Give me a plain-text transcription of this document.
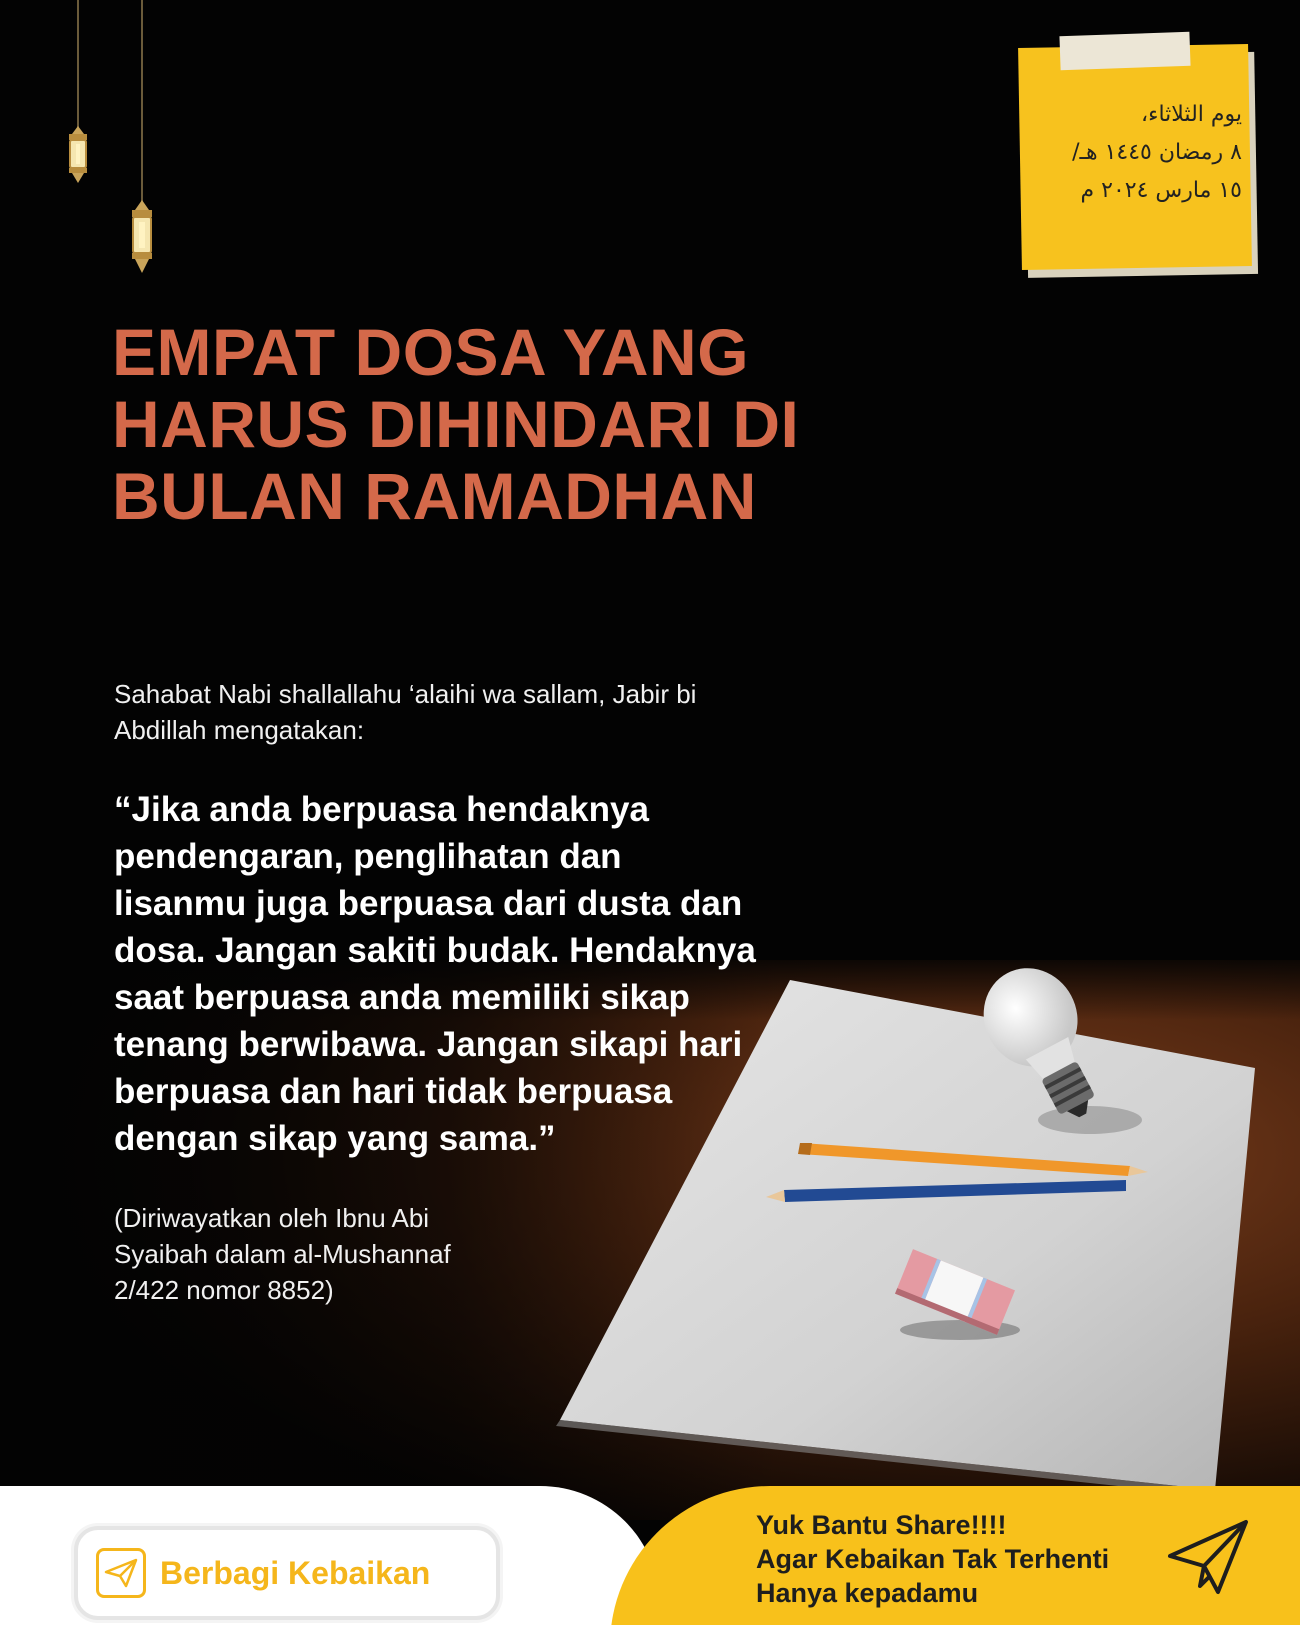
يوم الثلاثاء،
٨ رمضان ١٤٤٥ هـ/
١٥ مارس ٢٠٢٤ م
EMPAT DOSA YANG
HARUS DIHINDARI DI
BULAN RAMADHAN
Sahabat Nabi shallallahu ‘alaihi wa sallam, Jabir bi
Abdillah mengatakan:
“Jika anda berpuasa hendaknya
pendengaran, penglihatan dan
lisanmu juga berpuasa dari dusta dan
dosa. Jangan sakiti budak. Hendaknya
saat berpuasa anda memiliki sikap
tenang berwibawa. Jangan sikapi hari
berpuasa dan hari tidak berpuasa
dengan sikap yang sama.”
(Diriwayatkan oleh Ibnu Abi
Syaibah dalam al-Mushannaf
2/422 nomor 8852)
Berbagi Kebaikan
Yuk Bantu Share!!!!
Agar Kebaikan Tak Terhenti
Hanya kepadamu
